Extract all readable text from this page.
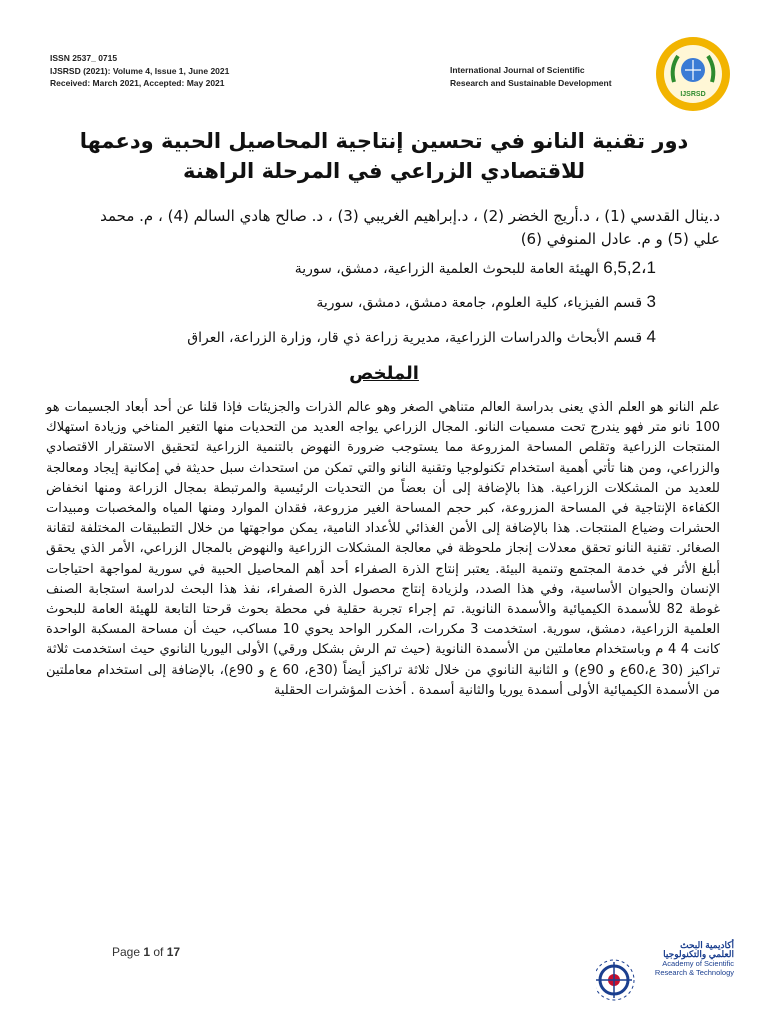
ISSN 2537_ 0715
IJSRSD (2021): Volume 4, Issue 1, June 2021
Received: March 2021, Accepted: May 2021
International Journal of Scientific
Research and Sustainable Development
IJSRSD
دور تقنية النانو في تحسين إنتاجية المحاصيل الحبية ودعمها للاقتصادي الزراعي في المرحلة الراهنة
د.ينال القدسي (1) ، د.أريج الخضر (2) ، د.إبراهيم الغريبي (3) ، د. صالح هادي السالم (4) ، م. محمد علي (5) و م. عادل المنوفي (6)
6,5,2،1 الهيئة العامة للبحوث العلمية الزراعية، دمشق، سورية
3 قسم الفيزياء، كلية العلوم، جامعة دمشق، دمشق، سورية
4 قسم الأبحاث والدراسات الزراعية، مديرية زراعة ذي قار، وزارة الزراعة، العراق
الملخص
علم النانو هو العلم الذي يعنى بدراسة العالم متناهي الصغر وهو عالم الذرات والجزيئات فإذا قلنا عن أحد أبعاد الجسيمات هو 100 نانو متر فهو يندرج تحت مسميات النانو. المجال الزراعي يواجه العديد من التحديات منها التغير المناخي وزيادة استهلاك المنتجات الزراعية وتقلص المساحة المزروعة مما يستوجب ضرورة النهوض بالتنمية الزراعية لتحقيق الاستقرار الاقتصادي والزراعي، ومن هنا تأتي أهمية استخدام تكنولوجيا وتقنية النانو والتي تمكن من استحداث سبل حديثة في إمكانية إيجاد ومعالجة للعديد من المشكلات الزراعية. هذا بالإضافة إلى أن بعضاً من التحديات الرئيسية والمرتبطة بمجال الزراعة ومنها انخفاض الكفاءة الإنتاجية في المساحة المزروعة، كبر حجم المساحة الغير مزروعة، فقدان الموارد ومنها المياه والمخصبات ومبيدات الحشرات وضياع المنتجات. هذا بالإضافة إلى الأمن الغذائي للأعداد النامية، يمكن مواجهتها من خلال التطبيقات المختلفة لتقانة الصغائر. تقنية النانو تحقق معدلات إنجاز ملحوظة في معالجة المشكلات الزراعية والنهوض بالمجال الزراعي، الأمر الذي يحقق أبلغ الأثر في خدمة المجتمع وتنمية البيئة. يعتبر إنتاج الذرة الصفراء أحد أهم المحاصيل الحبية في سورية لمواجهة احتياجات الإنسان والحيوان الأساسية، وفي هذا الصدد، ولزيادة إنتاج محصول الذرة الصفراء، نفذ هذا البحث لدراسة استجابة الصنف غوطة 82 للأسمدة الكيميائية والأسمدة النانوية. تم إجراء تجربة حقلية في محطة بحوث قرحتا التابعة للهيئة العامة للبحوث العلمية الزراعية، دمشق، سورية. استخدمت 3 مكررات، المكرر الواحد يحوي 10 مساكب، حيث أن مساحة المسكبة الواحدة كانت 4 4 م وباستخدام معاملتين من الأسمدة النانوية (حيث تم الرش بشكل ورقي) الأولى اليوريا النانوي حيث استخدمت ثلاثة تراكيز (30 ع،60ع و 90ع) و الثانية النانوي من خلال ثلاثة تراكيز أيضاً (30ع، 60 ع و 90ع)، بالإضافة إلى استخدام معاملتين من الأسمدة الكيميائية الأولى أسمدة يوريا والثانية أسمدة . أخذت المؤشرات الحقلية
Page 1 of 17	أكاديمية البحث
العلمي والتكنولوجيا
Academy of Scientific
Research & Technology
